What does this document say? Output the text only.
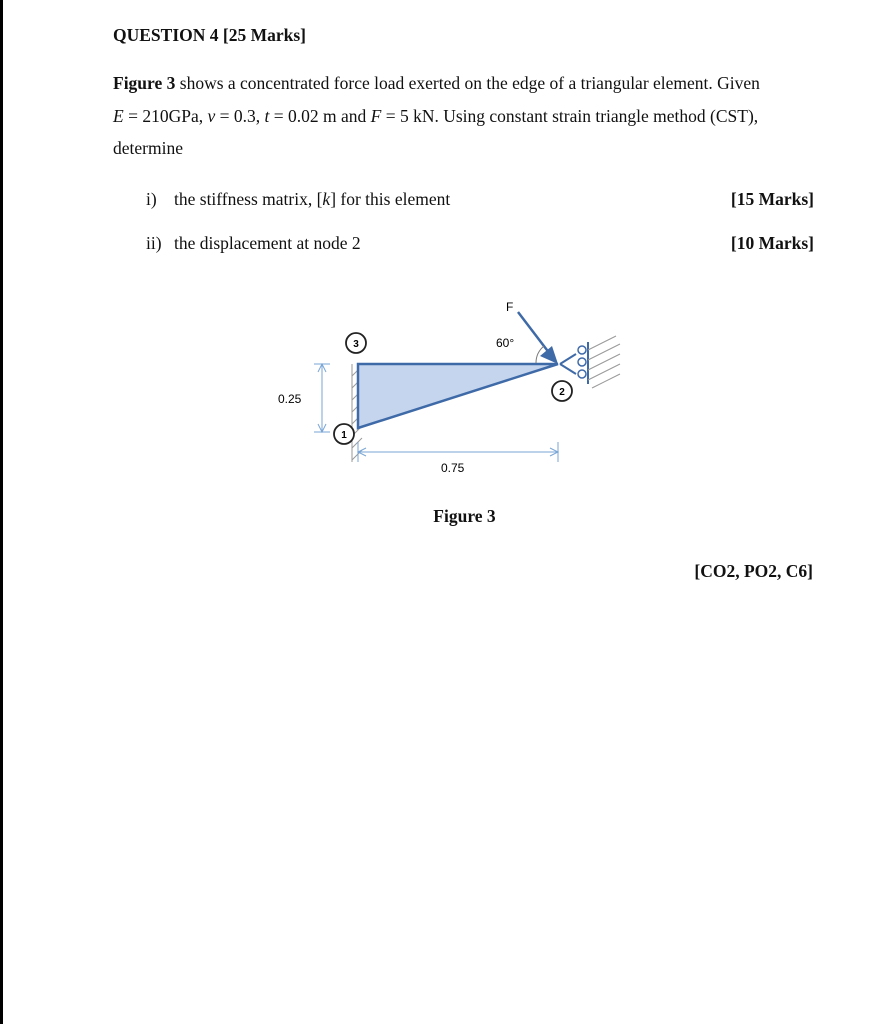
QUESTION 4 [25 Marks]
Figure 3 shows a concentrated force load exerted on the edge of a triangular element. Given
E = 210GPa, v = 0.3, t = 0.02 m and F = 5 kN. Using constant strain triangle method (CST),
determine
i) the stiffness matrix, [k] for this element	[15 Marks]
ii) the displacement at node 2	[10 Marks]
F
60°
0.25
0.75
3
2
1
Figure 3
[CO2, PO2, C6]
